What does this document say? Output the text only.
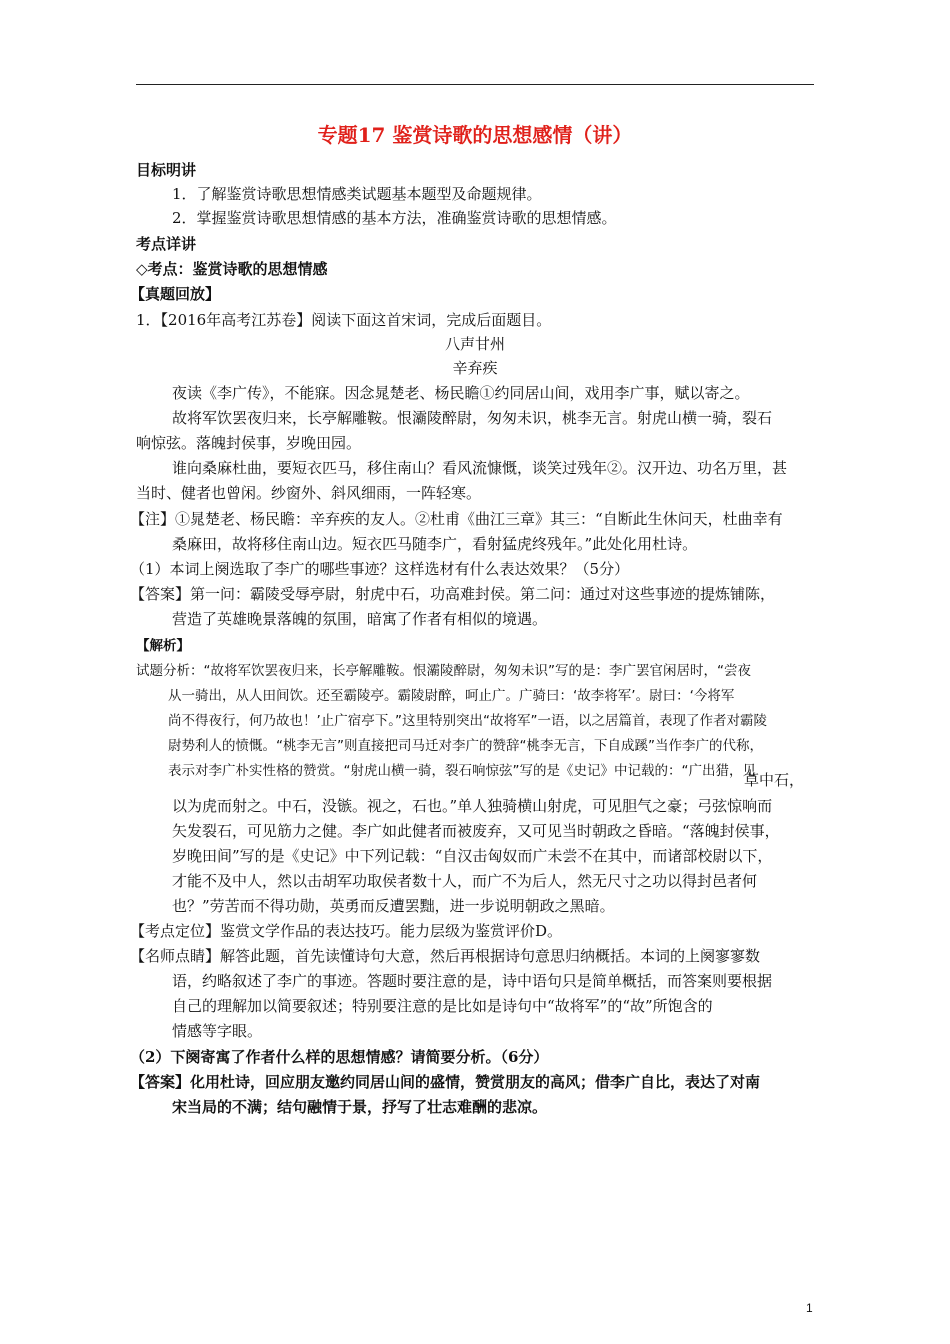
专题17 鉴赏诗歌的思想感情（讲）
目标明讲
1．了解鉴赏诗歌思想情感类试题基本题型及命题规律。
2．掌握鉴赏诗歌思想情感的基本方法，准确鉴赏诗歌的思想情感。
考点详讲
◇考点：鉴赏诗歌的思想情感
【真题回放】
1．【2016年高考江苏卷】阅读下面这首宋词，完成后面题目。
八声甘州
辛弃疾
夜读《李广传》，不能寐。因念晁楚老、杨民瞻①约同居山间，戏用李广事，赋以寄之。
故将军饮罢夜归来，长亭解雕鞍。恨灞陵醉尉，匆匆未识，桃李无言。射虎山横一骑，裂石
响惊弦。落魄封侯事，岁晚田园。
谁向桑麻杜曲，要短衣匹马，移住南山？看风流慷慨，谈笑过残年②。汉开边、功名万里，甚
当时、健者也曾闲。纱窗外、斜风细雨，一阵轻寒。
【注】①晁楚老、杨民瞻：辛弃疾的友人。②杜甫《曲江三章》其三：“自断此生休问天，杜曲幸有
桑麻田，故将移住南山边。短衣匹马随李广，看射猛虎终残年。”此处化用杜诗。
（1）本词上阕选取了李广的哪些事迹？这样选材有什么表达效果？（5分）
【答案】第一问：霸陵受辱亭尉，射虎中石，功高难封侯。第二问：通过对这些事迹的提炼铺陈，
营造了英雄晚景落魄的氛围，暗寓了作者有相似的境遇。
【解析】
试题分析：“故将军饮罢夜归来，长亭解雕鞍。恨灞陵醉尉，匆匆未识”写的是：李广罢官闲居时，“尝夜
从一骑出，从人田间饮。还至霸陵亭。霸陵尉醉，呵止广。广骑曰：‘故李将军’。尉曰：‘今将军
尚不得夜行，何乃故也！’止广宿亭下。”这里特别突出“故将军”一语，以之居篇首，表现了作者对霸陵
尉势利人的愤慨。“桃李无言”则直接把司马迁对李广的赞辞“桃李无言，下自成蹊”当作李广的代称，
表示对李广朴实性格的赞赏。“射虎山横一骑，裂石响惊弦”写的是《史记》中记载的：“广出猎，见
草中石，
以为虎而射之。中石，没镞。视之，石也。”单人独骑横山射虎，可见胆气之豪；弓弦惊响而
矢发裂石，可见筋力之健。李广如此健者而被废弃，又可见当时朝政之昏暗。“落魄封侯事，
岁晚田间”写的是《史记》中下列记载：“自汉击匈奴而广未尝不在其中，而诸部校尉以下，
才能不及中人，然以击胡军功取侯者数十人，而广不为后人，然无尺寸之功以得封邑者何
也？”劳苦而不得功勋，英勇而反遭罢黜，进一步说明朝政之黑暗。
【考点定位】鉴赏文学作品的表达技巧。能力层级为鉴赏评价D。
【名师点睛】解答此题，首先读懂诗句大意，然后再根据诗句意思归纳概括。本词的上阕寥寥数
语，约略叙述了李广的事迹。答题时要注意的是，诗中语句只是简单概括，而答案则要根据
自己的理解加以简要叙述；特别要注意的是比如是诗句中“故将军”的“故”所饱含的
情感等字眼。
（2）下阕寄寓了作者什么样的思想情感？请简要分析。（6分）
【答案】化用杜诗，回应朋友邀约同居山间的盛情，赞赏朋友的高风；借李广自比，表达了对南
宋当局的不满；结句融情于景，抒写了壮志难酬的悲凉。
1
